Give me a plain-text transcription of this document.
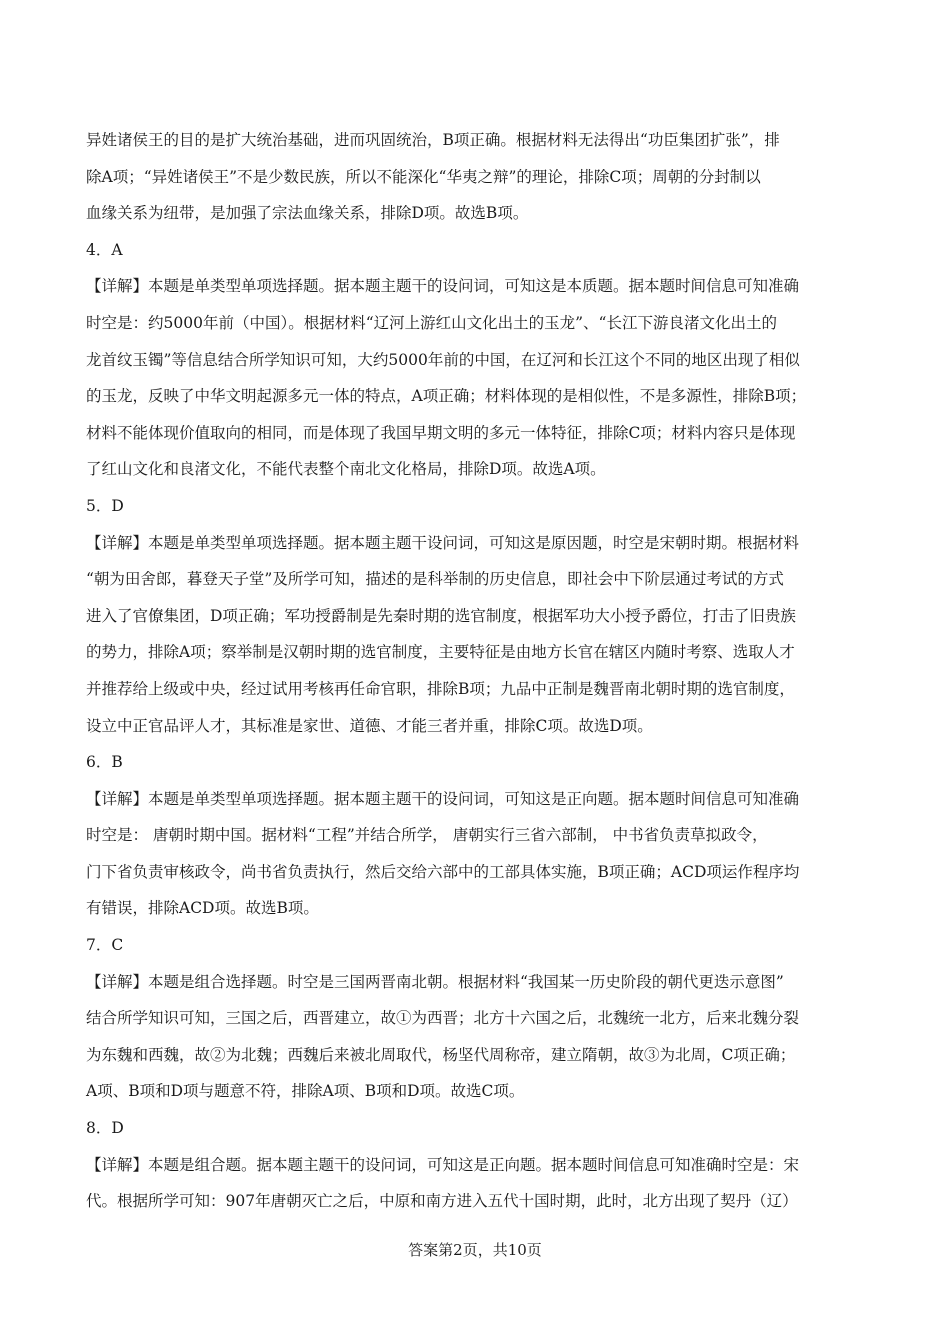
异姓诸侯王的目的是扩大统治基础，进而巩固统治，B项正确。根据材料无法得出“功臣集团扩张”，排
除A项；“异姓诸侯王”不是少数民族，所以不能深化“华夷之辩”的理论，排除C项；周朝的分封制以
血缘关系为纽带，是加强了宗法血缘关系，排除D项。故选B项。
4．A
【详解】本题是单类型单项选择题。据本题主题干的设问词，可知这是本质题。据本题时间信息可知准确
时空是：约5000年前（中国）。根据材料“辽河上游红山文化出土的玉龙”、“长江下游良渚文化出土的
龙首纹玉镯”等信息结合所学知识可知，大约5000年前的中国，在辽河和长江这个不同的地区出现了相似
的玉龙，反映了中华文明起源多元一体的特点，A项正确；材料体现的是相似性，不是多源性，排除B项；
材料不能体现价值取向的相同，而是体现了我国早期文明的多元一体特征，排除C项；材料内容只是体现
了红山文化和良渚文化，不能代表整个南北文化格局，排除D项。故选A项。
5．D
【详解】本题是单类型单项选择题。据本题主题干设问词，可知这是原因题，时空是宋朝时期。根据材料
“朝为田舍郎，暮登天子堂”及所学可知，描述的是科举制的历史信息，即社会中下阶层通过考试的方式
进入了官僚集团，D项正确；军功授爵制是先秦时期的选官制度，根据军功大小授予爵位，打击了旧贵族
的势力，排除A项；察举制是汉朝时期的选官制度，主要特征是由地方长官在辖区内随时考察、选取人才
并推荐给上级或中央，经过试用考核再任命官职，排除B项；九品中正制是魏晋南北朝时期的选官制度，
设立中正官品评人才，其标准是家世、道德、才能三者并重，排除C项。故选D项。
6．B
【详解】本题是单类型单项选择题。据本题主题干的设问词，可知这是正向题。据本题时间信息可知准确
时空是： 唐朝时期中国。据材料“工程”并结合所学， 唐朝实行三省六部制， 中书省负责草拟政令，
门下省负责审核政令，尚书省负责执行，然后交给六部中的工部具体实施，B项正确；ACD项运作程序均
有错误，排除ACD项。故选B项。
7．C
【详解】本题是组合选择题。时空是三国两晋南北朝。根据材料“我国某一历史阶段的朝代更迭示意图”
结合所学知识可知，三国之后，西晋建立，故①为西晋；北方十六国之后，北魏统一北方，后来北魏分裂
为东魏和西魏，故②为北魏；西魏后来被北周取代，杨坚代周称帝，建立隋朝，故③为北周，C项正确；
A项、B项和D项与题意不符，排除A项、B项和D项。故选C项。
8．D
【详解】本题是组合题。据本题主题干的设问词，可知这是正向题。据本题时间信息可知准确时空是：宋
代。根据所学可知：907年唐朝灭亡之后，中原和南方进入五代十国时期，此时，北方出现了契丹（辽）
答案第2页，共10页
